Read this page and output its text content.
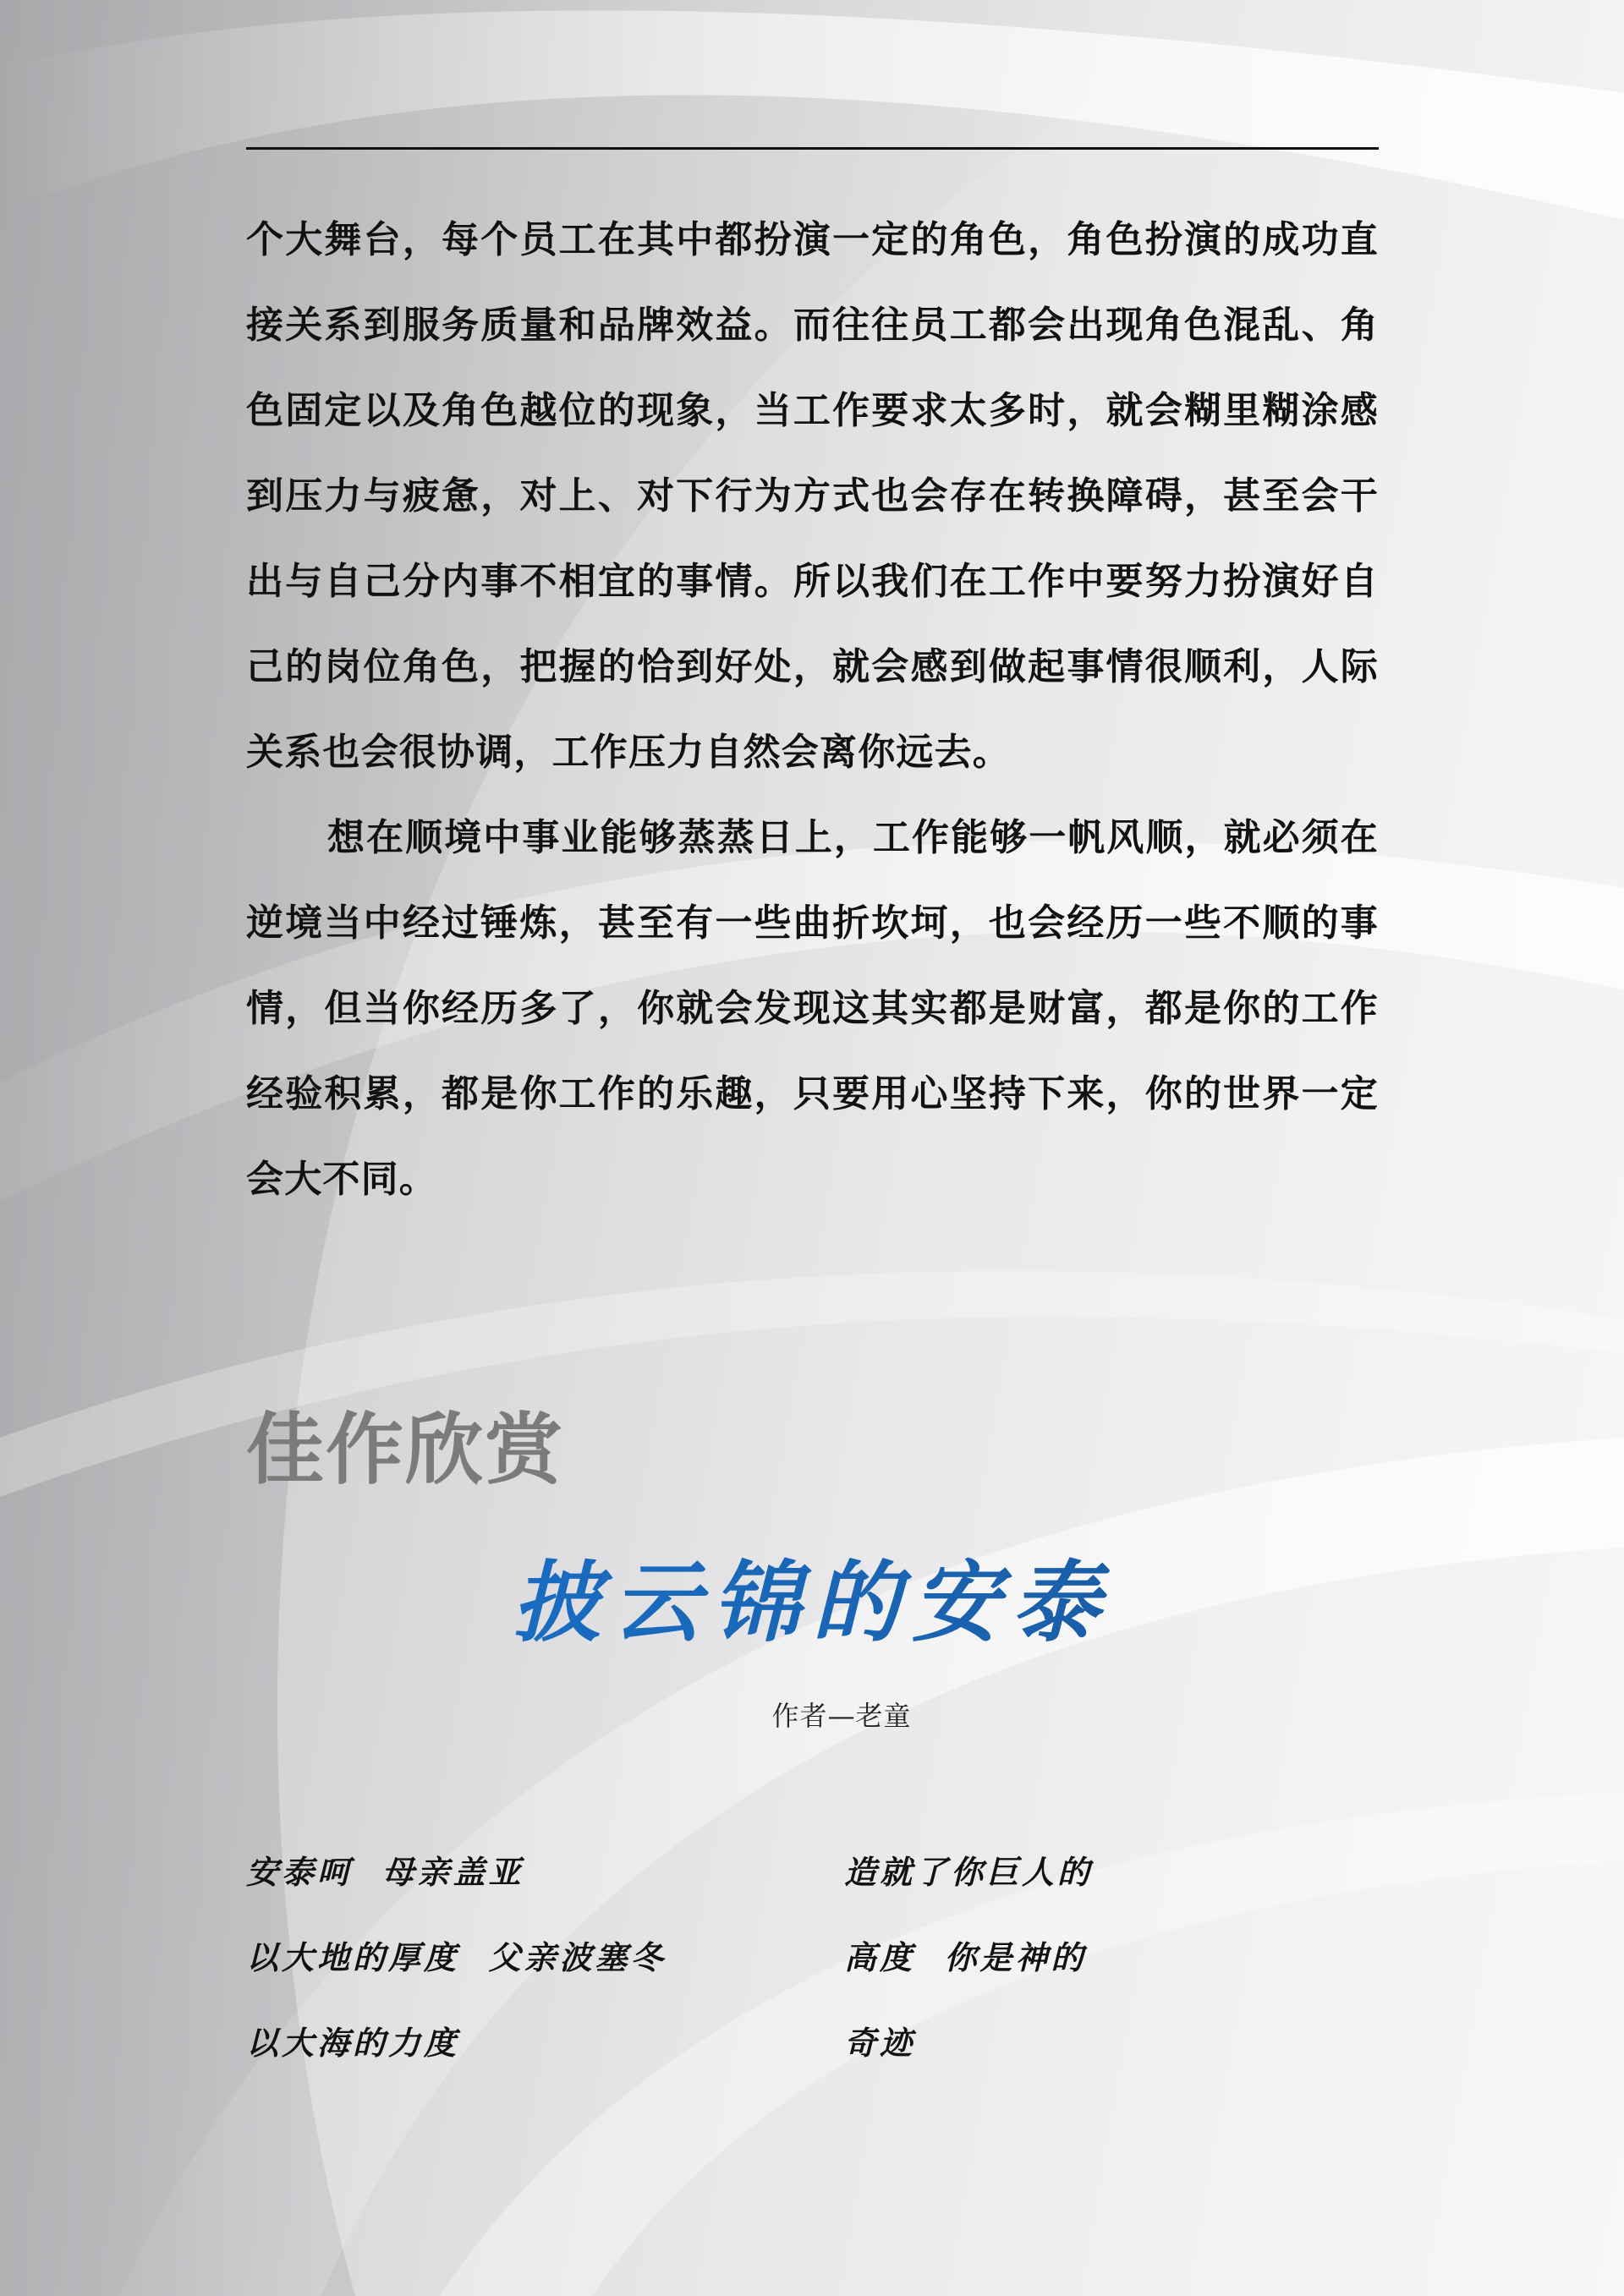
个大舞台，每个员工在其中都扮演一定的角色，角色扮演的成功直接关系到服务质量和品牌效益。而往往员工都会出现角色混乱、角色固定以及角色越位的现象，当工作要求太多时，就会糊里糊涂感到压力与疲惫，对上、对下行为方式也会存在转换障碍，甚至会干出与自己分内事不相宜的事情。所以我们在工作中要努力扮演好自己的岗位角色，把握的恰到好处，就会感到做起事情很顺利，人际关系也会很协调，工作压力自然会离你远去。

想在顺境中事业能够蒸蒸日上，工作能够一帆风顺，就必须在逆境当中经过锤炼，甚至有一些曲折坎坷，也会经历一些不顺的事情，但当你经历多了，你就会发现这其实都是财富，都是你的工作经验积累，都是你工作的乐趣，只要用心坚持下来，你的世界一定会大不同。

佳作欣赏
披云锦的安泰
作者—老童
安泰呵  母亲盖亚
以大地的厚度  父亲波塞冬
以大海的力度
造就了你巨人的
高度  你是神的
奇迹
